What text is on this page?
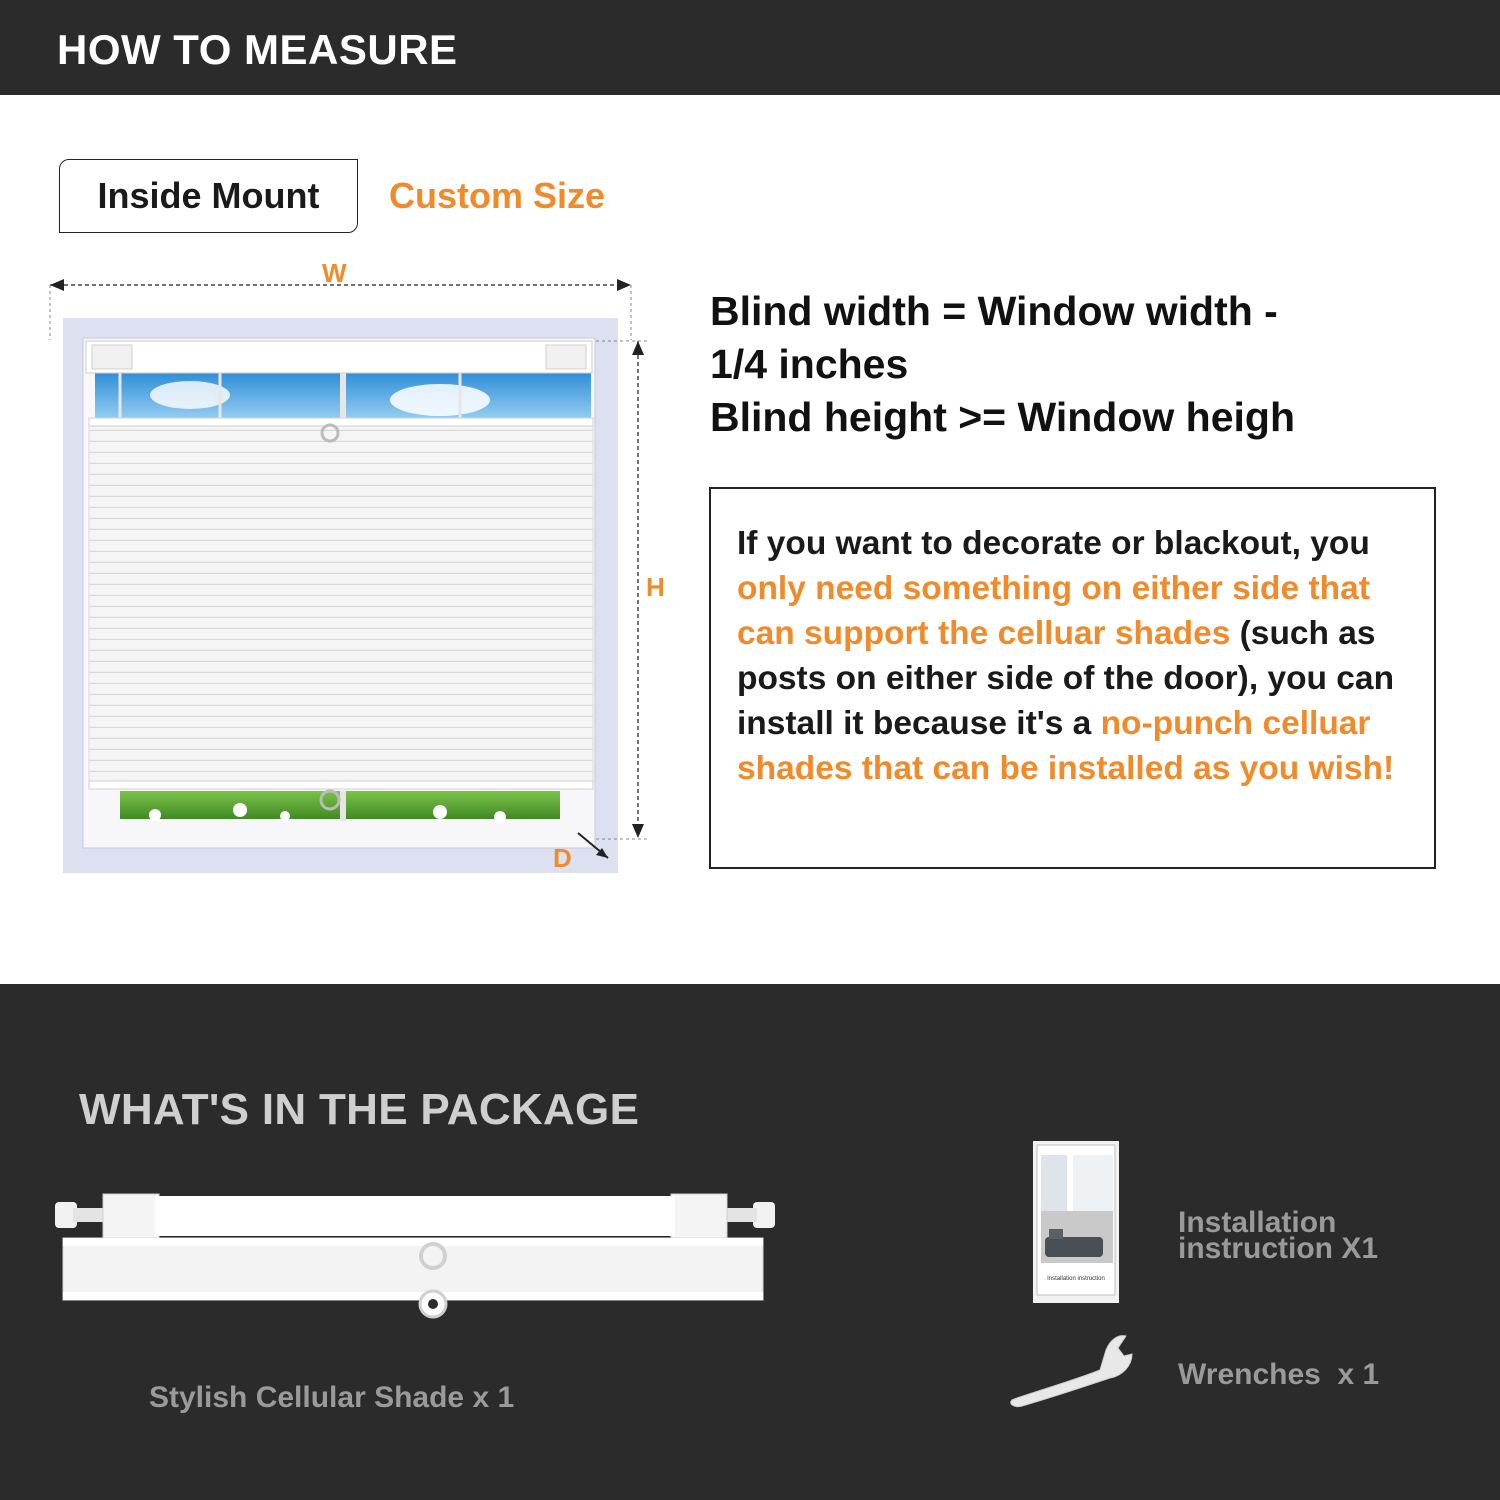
HOW TO MEASURE
Inside Mount Custom Size
W
H
D
Blind width = Window width -
1/4 inches
Blind height >= Window heigh
If you want to decorate or blackout, you only need something on either side that can support the celluar shades (such as posts on either side of the door), you can install it because it's a no-punch celluar shades that can be installed as you wish!
WHAT'S IN THE PACKAGE
Stylish Cellular Shade x 1
Installation instruction
Installation
instruction X1
Wrenches  x 1
